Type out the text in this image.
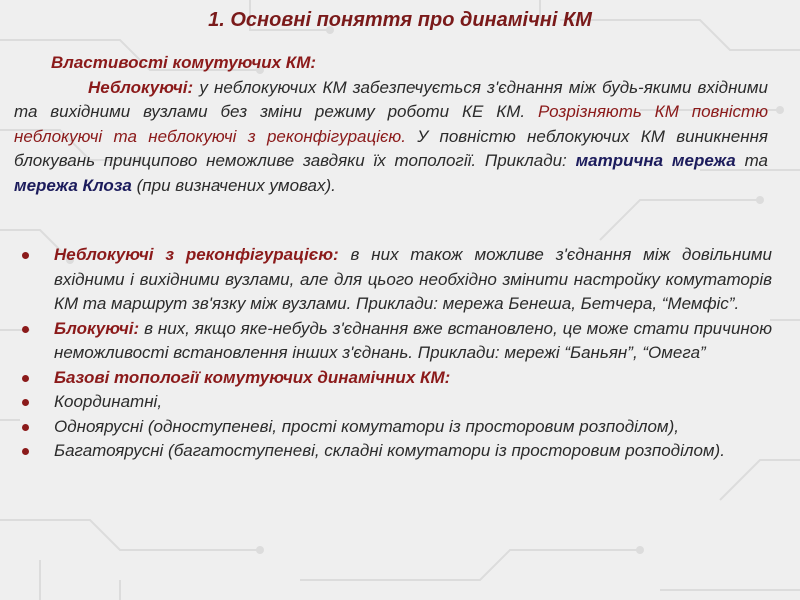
1. Основні поняття про динамічні КМ
Властивості комутуючих КМ:
Неблокуючі: у неблокуючих КМ забезпечується з'єднання між будь-якими вхідними та вихідними вузлами без зміни режиму роботи КЕ КМ. Розрізняють КМ повністю неблокуючі та неблокуючі з реконфігурацією. У повністю неблокуючих КМ виникнення блокувань принципово неможливе завдяки їх топології. Приклади: матрична мережа та мережа Клоза (при визначених умовах).
Неблокуючі з реконфігурацією: в них також можливе з'єднання між довільними вхідними і вихідними вузлами, але для цього необхідно змінити настройку комутаторів КМ та маршрут зв'язку між вузлами. Приклади: мережа Бенеша, Бетчера, “Мемфіс”.
Блокуючі: в них, якщо яке-небудь з'єднання вже встановлено, це може стати причиною неможливості встановлення інших з'єднань. Приклади: мережі “Баньян”, “Омега”
Базові топології комутуючих динамічних КМ:
Координатні,
Одноярусні (одноступеневі, прості комутатори із просторовим розподілом),
Багатоярусні (багатоступеневі, складні комутатори із просторовим розподілом).
